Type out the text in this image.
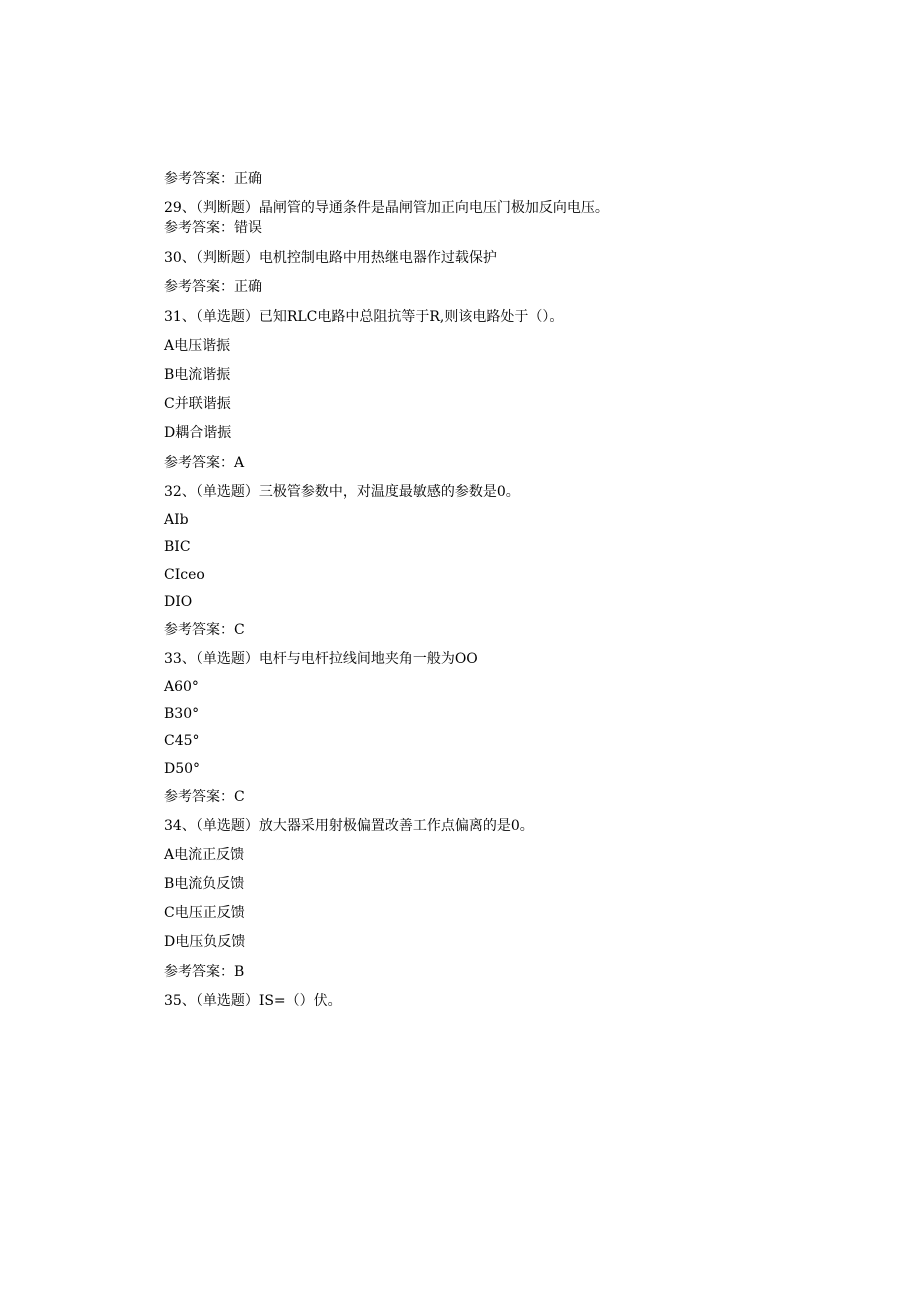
参考答案：正确
29、（判断题）晶闸管的导通条件是晶闸管加正向电压门极加反向电压。
参考答案：错误
30、（判断题）电机控制电路中用热继电器作过载保护
参考答案：正确
31、（单选题）已知RLC电路中总阻抗等于R,则该电路处于（）。
A电压谐振
B电流谐振
C并联谐振
D耦合谐振
参考答案：A
32、（单选题）三极管参数中，对温度最敏感的参数是0。
AIb
BIC
CIceo
DIO
参考答案：C
33、（单选题）电杆与电杆拉线间地夹角一般为OO
A60°
B30°
C45°
D50°
参考答案：C
34、（单选题）放大器采用射极偏置改善工作点偏离的是0。
A电流正反馈
B电流负反馈
C电压正反馈
D电压负反馈
参考答案：B
35、（单选题）IS=（）伏。
